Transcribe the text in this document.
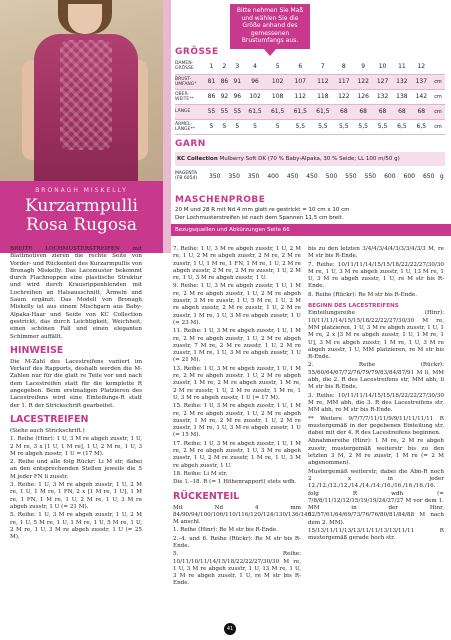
BRONAGH MISKELLY
Kurzarmpulli
Rosa Rugosa
Bitte nehmen Sie Maß und wählen Sie die Größe anhand des gemessenen Brustumfangs aus.
GRÖSSE
DAMEN-GRÖSSE	1	2	3	4	5	6	7	8	9	10	11	12	
BRUST-UMFANG*	81	86	91	96	102	107	112	117	122	127	132	137	cm
OBER-WEITE**	86	92	96	102	108	112	118	122	126	132	138	142	cm
LÄNGE	55	55	55	61,5	61,5	61,5	61,5	68	68	68	68	68	cm
ÄRMEL-LÄNGE**	5	5	5	5	5	5,5	5,5	5,5	5,5	5,5	6,5	6,5	cm
GARN
KC Collection Mulberry Soft DK (70 % Baby-Alpaka, 30 % Seide; LL 100 m/50 g)
MAGENTA (FB 6054)	350	350	350	400	450	450	500	550	550	600	600	650	g
MASCHENPROBE
20 M und 28 R mit Nd 4 mm glatt re gestrickt = 10 cm x 10 cm
Der Lochmusterstreifen ist nach dem Spannen 11,5 cm breit.
Bezugsquellen und Abkürzungen Seite 66

BREITE LOCHMUSTERSTREIFEN mit Blattmotiven zieren die rechte Seite von Vorder- und Rückenteil des Kurzarmpullis von Bronagh Miskelly. Das Lacemuster bekommt durch Flachnoppen eine plastische Struktur und wird durch Krausrippenblenden mit Lochreihen an Halsausschnitt, Ärmeln und Saum ergänzt. Das Modell von Bronagh Miskelly ist aus einem Mischgarn aus Baby-Alpaka-Haar und Seide von KC Collection gestrickt, das durch Leichtigkeit, Weichheit, einen schönen Fall und einen eleganten Schimmer auffällt.

HINWEISE

Die M-Zahl des Lacestreifens variiert im Verlauf des Rapports, deshalb werden die M-Zahlen nur für die glatt re Teile vor und nach dem Lacestreifen statt für die komplette R angegeben. Beim erstmaligen Platzieren des Lacestreifens wird eine Einteilungs-R statt der 1. R der Strickschrift gearbeitet.

LACESTREIFEN

(Siehe auch Strickschrift.)

1. Reihe (Hinr): 1 U, 3 M re abgeh zusstr, 1 U, 2 M re, 3 x [1 U, 1 M re], 1 U, 2 M re, 1 U, 3 M re abgeh zusstr, 1 U = (17 M).

2. Reihe und alle folg Rückr: Li M str, dabei an den entsprechenden Stellen jeweils die 5 M jeder FN li zusstr.

3. Reihe: 1 U, 3 M re abgeh zusstr, 1 U, 2 M re, 1 U, 1 M re, 1 FN, 2 x [1 M re, 1 U], 1 M re, 1 FN, 1 M re, 1 U, 2 M re, 1 U, 3 M re abgeh zusstr, 1 U (= 21 M).

5. Reihe: 1 U, 3 M re abgeh zusstr, 1 U, 2 M re, 1 U, 5 M re, 1 U, 1 M re, 1 U, 5 M re, 1 U, 2 M re, 1 U, 3 M re abgeh zusstr, 1 U (= 25 M).

7. Reihe: 1 U, 3 M re abgeh zusstr, 1 U, 2 M re, 1 U, 2 M re abgeh zusstr, 2 M re, 2 M re zusstr, 1 U, 1 M re, 1 FN, 1 M re, 1 U, 2 M re abgeh zusstr, 2 M re, 2 M re zusstr, 1 U, 2 M re, 1 U, 3 M re abgeh zusstr, 1 U.

9. Reihe: 1 U, 3 M re abgeh zusstr, 1 U, 1 M re, 2 M re abgeh zusstr, 1 U, 2 M re abgeh zusstr, 3 M re zusstr, 1 U, 5 M re, 1 U, 2 M re abgeh zusstr, 2 M re zusstr, 1 U, 2 M re zusstr, 1 M re, 1 U, 3 M re abgeh zusstr, 1 U (= 23 M).

11. Reihe: 1 U, 3 M re abgeh zusstr, 1 U, 1 M re, 2 M re abgeh zusstr, 1 U, 2 M re abgeh zusstr, 7 M re, 2 M re zusstr, 1 U, 2 M re zusstr, 1 M re, 1 U, 3 M re abgeh zusstr, 1 U (= 21 M).

13. Reihe: 1 U, 3 M re abgeh zusstr, 1 U, 1 M re, 2 M re abgeh zusstr, 1 U, 2 M re abgeh zusstr, 1 M re, 2 M re abgeh zusstr, 1 M re, 2 M re zusstr, 1 U, 2 M re zusstr, 1 M re, 1 U, 3 M re abgeh zusstr, 1 U (= 17 M).

15. Reihe: 1 U, 3 M re abgeh zusstr, 1 U, 1 M re, 2 M re abgeh zusstr, 1 U, 2 M re abgeh zusstr, 1 M re, 2 M re zusstr, 1 U, 2 M re zusstr, 1 M re, 1 U, 3 M re abgeh zusstr, 1 U (= 15 M).

17. Reihe: 1 U, 3 M re abgeh zusstr, 1 U, 1 M re, 2 M re abgeh zusstr, 1 U, 3 M re abgeh zusstr, 1 U, 2 M re zusstr, 1 M re, 1 U, 3 M re abgeh zusstr, 1 U.

18. Reihe: Li M str.

Die 1.–18. R (= 1 Höhenrapport) stets wdh.

RÜCKENTEIL

Mit Nd 4 mm 84/90/94/100/106/110/116/120/124/130/136/140 M anschl.

1. Reihe (Hinr): Re M str bis R-Ende.

2.–4. und 6. Reihe (Rückr): Re M str bis R-Ende.

5. Reihe: 10/11/10/11/14/15/18/22/22/27/30/30 M re, 1 U, 3 M re abgeh zusstr, 1 U, 13 M re, 1 U, 3 M re abgeh zusstr, 1 U, re M str bis R-Ende.

bis zu den letzten 3/4/4/3/4/4/3/3/3/4/3/3 M, re M str bis R-Ende.

7. Reihe: 10/11/11/14/15/15/18/22/22/27/30/30 M re, 1 U, 3 M re abgeh zusstr, 1 U, 13 M re, 1 U, 3 M re abgeh zusstr, 1 U, re M str bis R-Ende.

8. Reihe (Rückr): Re M str bis R-Ende.

BEGINN DES LACESTREIFENS

Einteilungsreihe (Hinr): 10/11/11/14/15/15/18/22/22/27/30/30 M re, MM platzieren, 1 U, 3 M re abgeh zusstr, 1 U, 1 M re, 2 x [3 M re abgeh zusstr, 1 U, 1 M re, 1 U], 3 M re abgeh zusstr, 1 M re, 1 U, 3 M re abgeh zusstr, 1 U, MM platzieren, re M str bis R-Ende.

2. Reihe (Rückr): 55/60/64/67/72/76/79/79/83/84/87/91 M li, MM abh, die 2. R des Lacestreifens str, MM abh, li M str bis R-Ende.

3. Reihe: 10/11/11/14/15/15/18/22/22/27/30/30 M re, MM abh, die 3. R des Lacestreifens str, MM abh, re M str bis R-Ende.

** Weitere 9/7/7/7/11/11/9/9/11/11/11/11 R mustergemäß in der gegebenen Einteilung str, dabei mit der 4. R des Lacestreifens beginnen.

Abnahmereihe (Hinr): 1 M re, 2 M re abgeh zusstr, mustergemäß weiterstr bis zu den letzten 3 M, 2 M re zusstr, 1 M re (= 2 M abgenommen).

Mustergemäß weiterstr, dabei die Abn-R noch 2 x in jeder 12./12./12./12./14./14./14./16./16./16./16./16. folg R wdh (= 7/8/8/11/12/12/15/19/19/24/27/27 M vor dem 1. MM in der Hinr, 52/57/61/64/69/73/76/76/80/81/84/88 M nach dem 2. MM).

15/13/11/11/13/13/11/11/13/13/11/11 R mustergemäß gerade hoch str.

41
